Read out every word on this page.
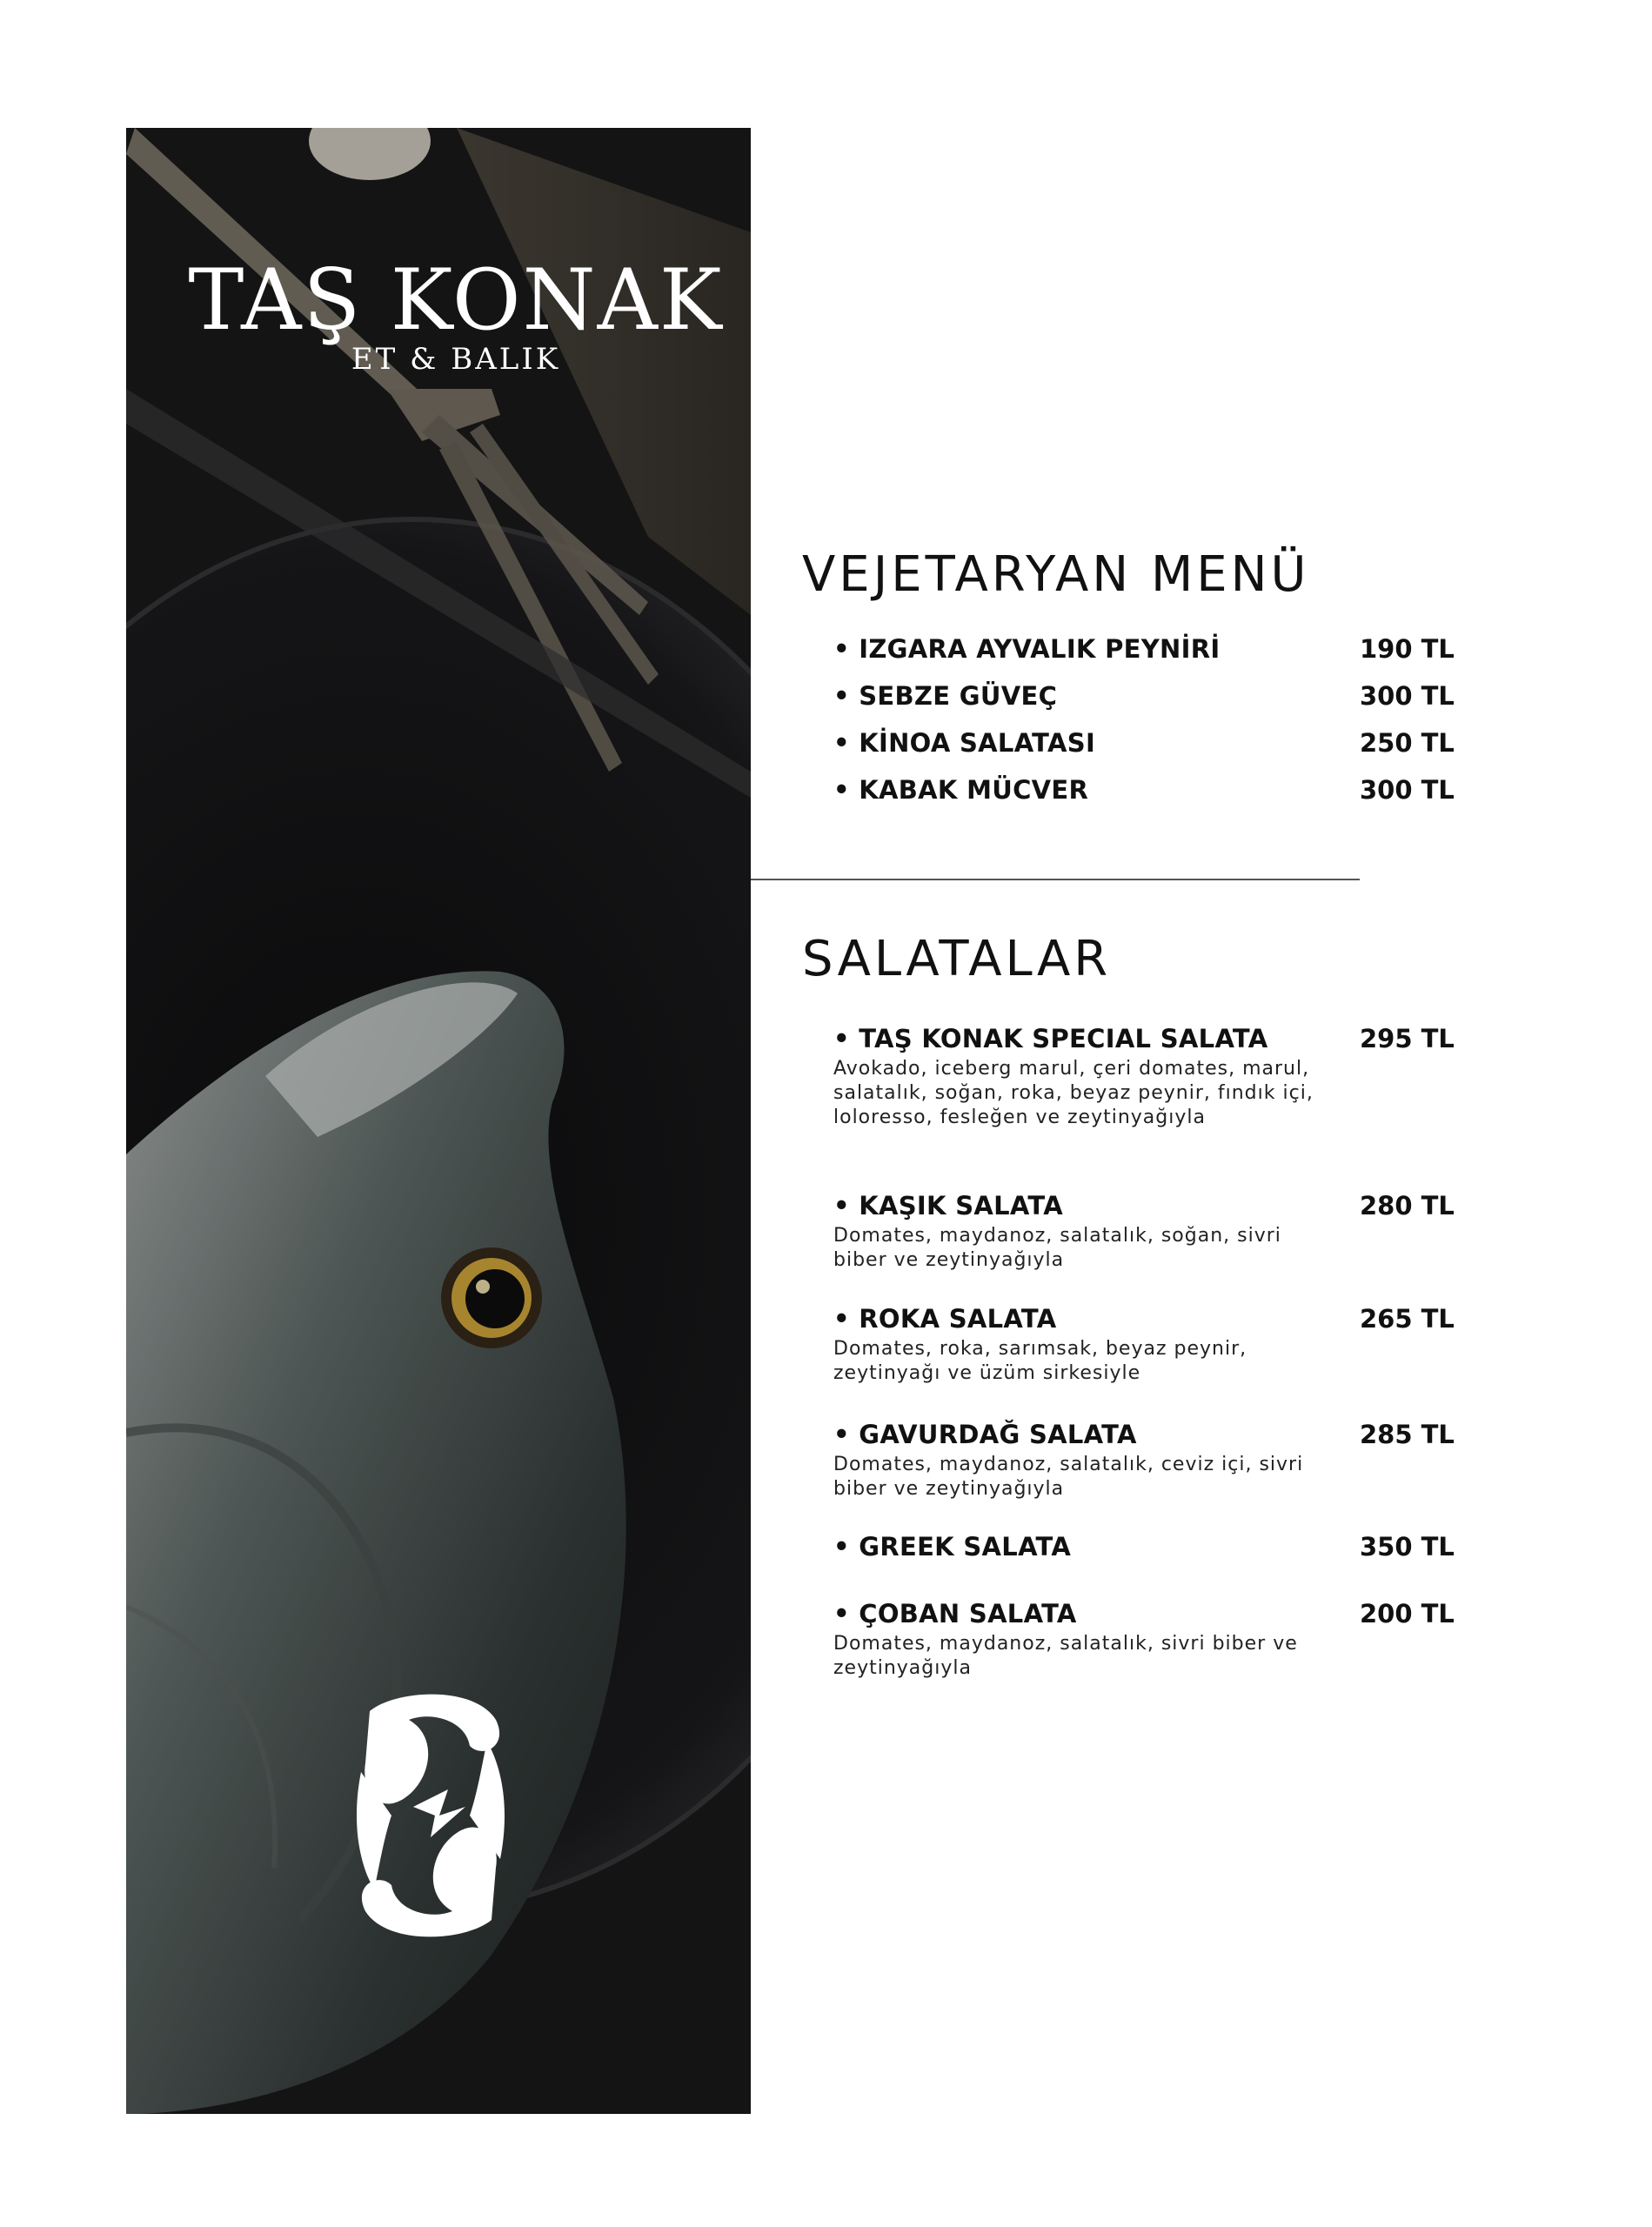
TAŞ KONAK
ET & BALIK
VEJETARYAN MENÜ
• IZGARA AYVALIK PEYNİRİ	190 TL
• SEBZE GÜVEÇ	300 TL
• KİNOA SALATASI	250 TL
• KABAK MÜCVER	300 TL
SALATALAR
• TAŞ KONAK SPECIAL SALATA	295 TL
Avokado, iceberg marul, çeri domates, marul, salatalık, soğan, roka, beyaz peynir, fındık içi, loloresso, fesleğen ve zeytinyağıyla
• KAŞIK SALATA	280 TL
Domates, maydanoz, salatalık, soğan, sivri biber ve zeytinyağıyla
• ROKA SALATA	265 TL
Domates, roka, sarımsak, beyaz peynir, zeytinyağı ve üzüm sirkesiyle
• GAVURDAĞ SALATA	285 TL
Domates, maydanoz, salatalık, ceviz içi, sivri biber ve zeytinyağıyla
• GREEK SALATA	350 TL
• ÇOBAN SALATA	200 TL
Domates, maydanoz, salatalık, sivri biber ve zeytinyağıyla
